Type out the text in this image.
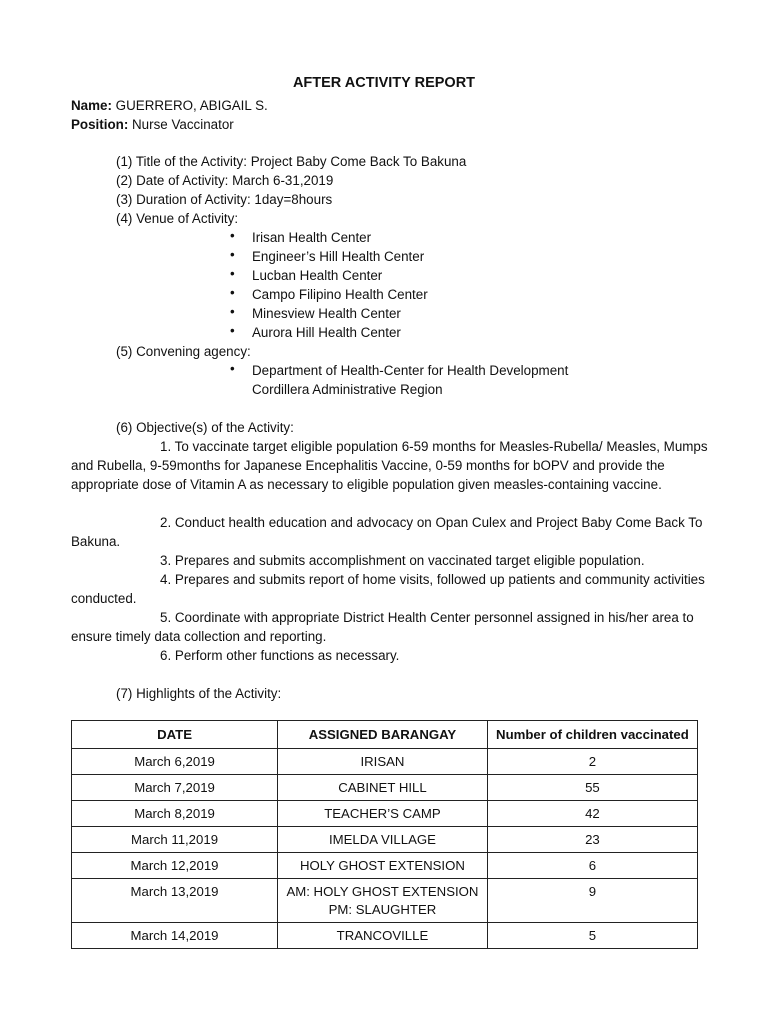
AFTER ACTIVITY REPORT
Name: GUERRERO, ABIGAIL S.
Position: Nurse Vaccinator
(1) Title of the Activity: Project Baby Come Back To Bakuna
(2) Date of Activity: March 6-31,2019
(3) Duration of Activity: 1day=8hours
(4) Venue of Activity:
• Irisan Health Center
• Engineer’s Hill Health Center
• Lucban Health Center
• Campo Filipino Health Center
• Minesview Health Center
• Aurora Hill Health Center
(5) Convening agency:
• Department of Health-Center for Health Development
Cordillera Administrative Region
(6) Objective(s) of the Activity:
1. To vaccinate target eligible population 6-59 months for Measles-Rubella/ Measles, Mumps and Rubella, 9-59months for Japanese Encephalitis Vaccine, 0-59 months for bOPV and provide the appropriate dose of Vitamin A as necessary to eligible population given measles-containing vaccine.
2. Conduct health education and advocacy on Opan Culex and Project Baby Come Back To Bakuna.
3. Prepares and submits accomplishment on vaccinated target eligible population.
4. Prepares and submits report of home visits, followed up patients and community activities conducted.
5. Coordinate with appropriate District Health Center personnel assigned in his/her area to ensure timely data collection and reporting.
6. Perform other functions as necessary.
(7) Highlights of the Activity:
DATE	ASSIGNED BARANGAY	Number of children vaccinated
March 6,2019	IRISAN	2
March 7,2019	CABINET HILL	55
March 8,2019	TEACHER’S CAMP	42
March 11,2019	IMELDA VILLAGE	23
March 12,2019	HOLY GHOST EXTENSION	6
March 13,2019	AM: HOLY GHOST EXTENSION
PM: SLAUGHTER	9
March 14,2019	TRANCOVILLE	5
